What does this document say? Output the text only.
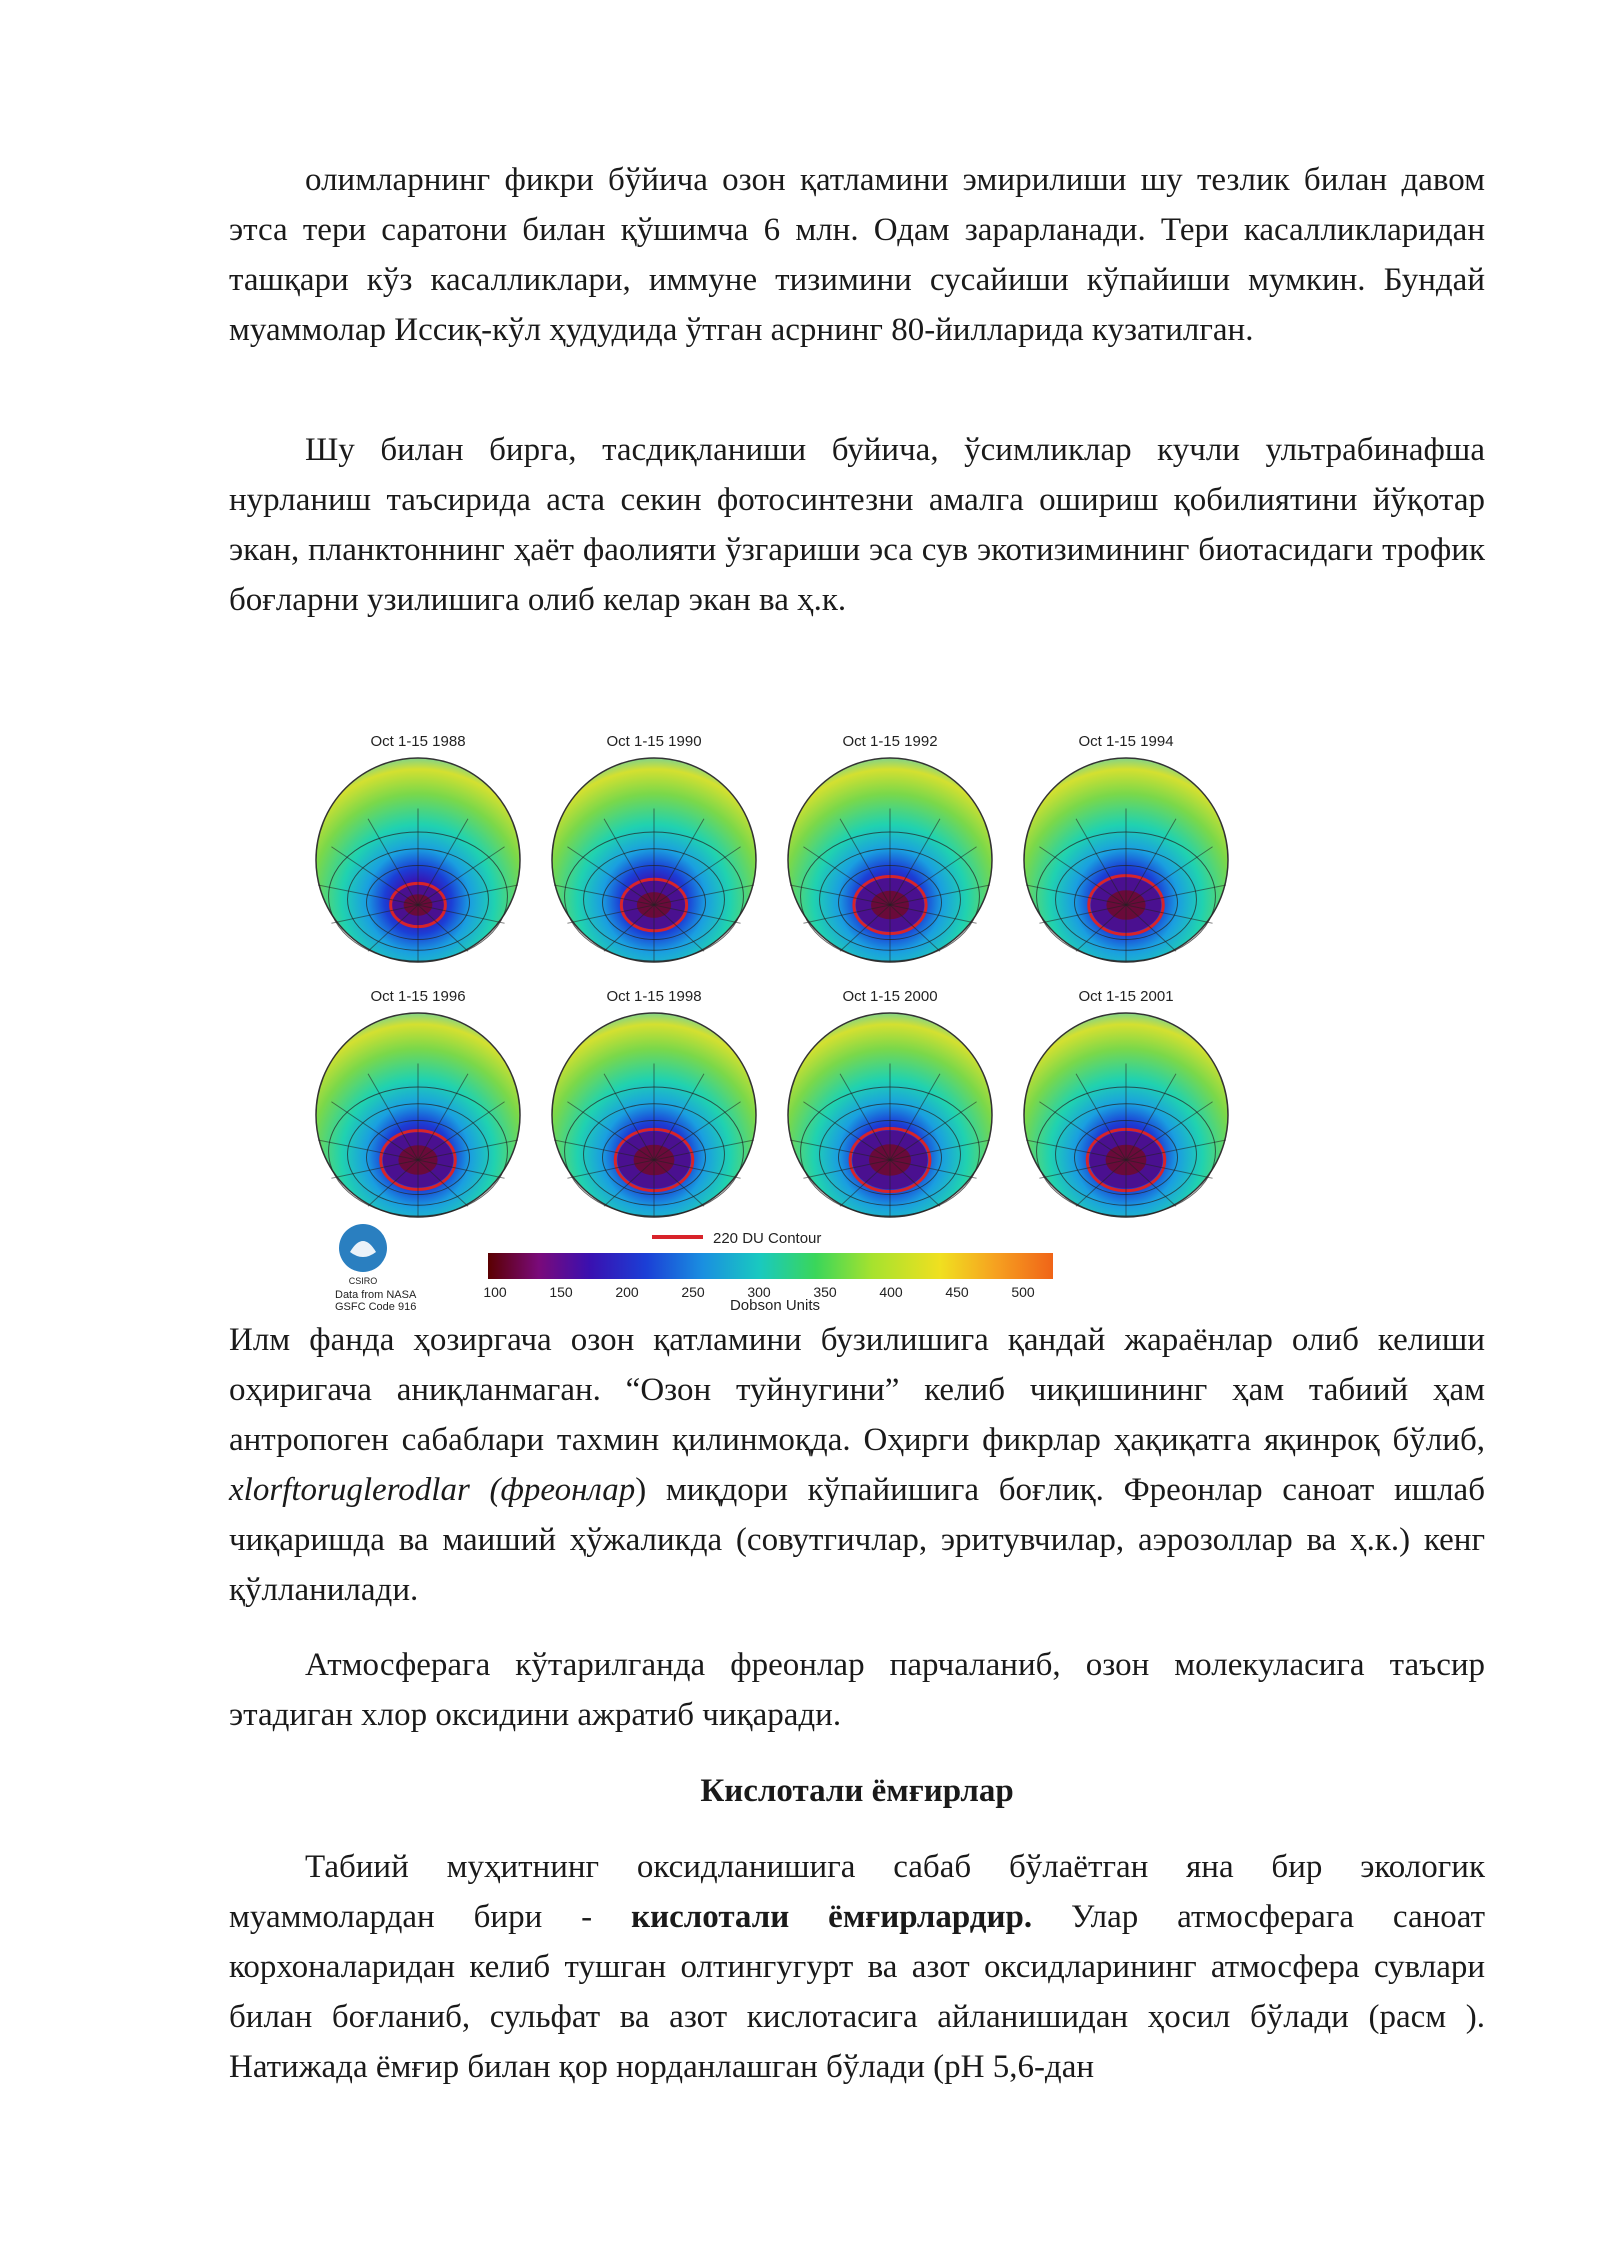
олимларнинг фикри бўйича озон қатламини эмирилиши шу тезлик билан давом этса тери саратони билан қўшимча 6 млн. Одам зарарланади. Тери касалликларидан ташқари кўз касалликлари, иммуне тизимини сусайиши кўпайиши мумкин. Бундай муаммолар Иссиқ-кўл ҳудудида ўтган асрнинг 80-йилларида кузатилган.

Шу билан бирга, тасдиқланиши буйича, ўсимликлар кучли ультрабинафша нурланиш таъсирида аста секин фотосинтезни амалга ошириш қобилиятини йўқотар экан, планктоннинг ҳаёт фаолияти ўзгариши эса сув экотизимининг биотасидаги трофик боғларни узилишига олиб келар экан ва ҳ.к.

Oct 1-15 1988	Oct 1-15 1990	Oct 1-15 1992	Oct 1-15 1994
Oct 1-15 1996	Oct 1-15 1998	Oct 1-15 2000	Oct 1-15 2001
220 DU Contour
100	150	200	250	300	350	400	450	500
Dobson Units
CSIRO
Data from NASA
GSFC Code 916

Илм фанда ҳозиргача озон қатламини бузилишига қандай жараёнлар олиб келиши оҳиригача аниқланмаган. “Озон туйнугини” келиб чиқишининг ҳам табиий ҳам антропоген сабаблари тахмин қилинмоқда. Оҳирги фикрлар ҳақиқатга яқинроқ бўлиб, xlorftoruglerodlar (фреонлар) миқдори кўпайишига боғлиқ. Фреонлар саноат ишлаб чиқаришда ва маиший ҳўжаликда (совутгичлар, эритувчилар, аэрозоллар ва ҳ.к.) кенг қўлланилади.

Атмосферага кўтарилганда фреонлар парчаланиб, озон молекуласига таъсир этадиган хлор оксидини ажратиб чиқаради.

Кислотали ёмғирлар

Табиий муҳитнинг оксидланишига сабаб бўлаётган яна бир экологик муаммолардан бири - кислотали ёмғирлардир. Улар атмосферага саноат корхоналаридан келиб тушган олтингугурт ва азот оксидларининг атмосфера сувлари билан боғланиб, сульфат ва азот кислотасига айланишидан ҳосил бўлади (расм ). Натижада ёмғир билан қор норданлашган бўлади (pH 5,6-дан
